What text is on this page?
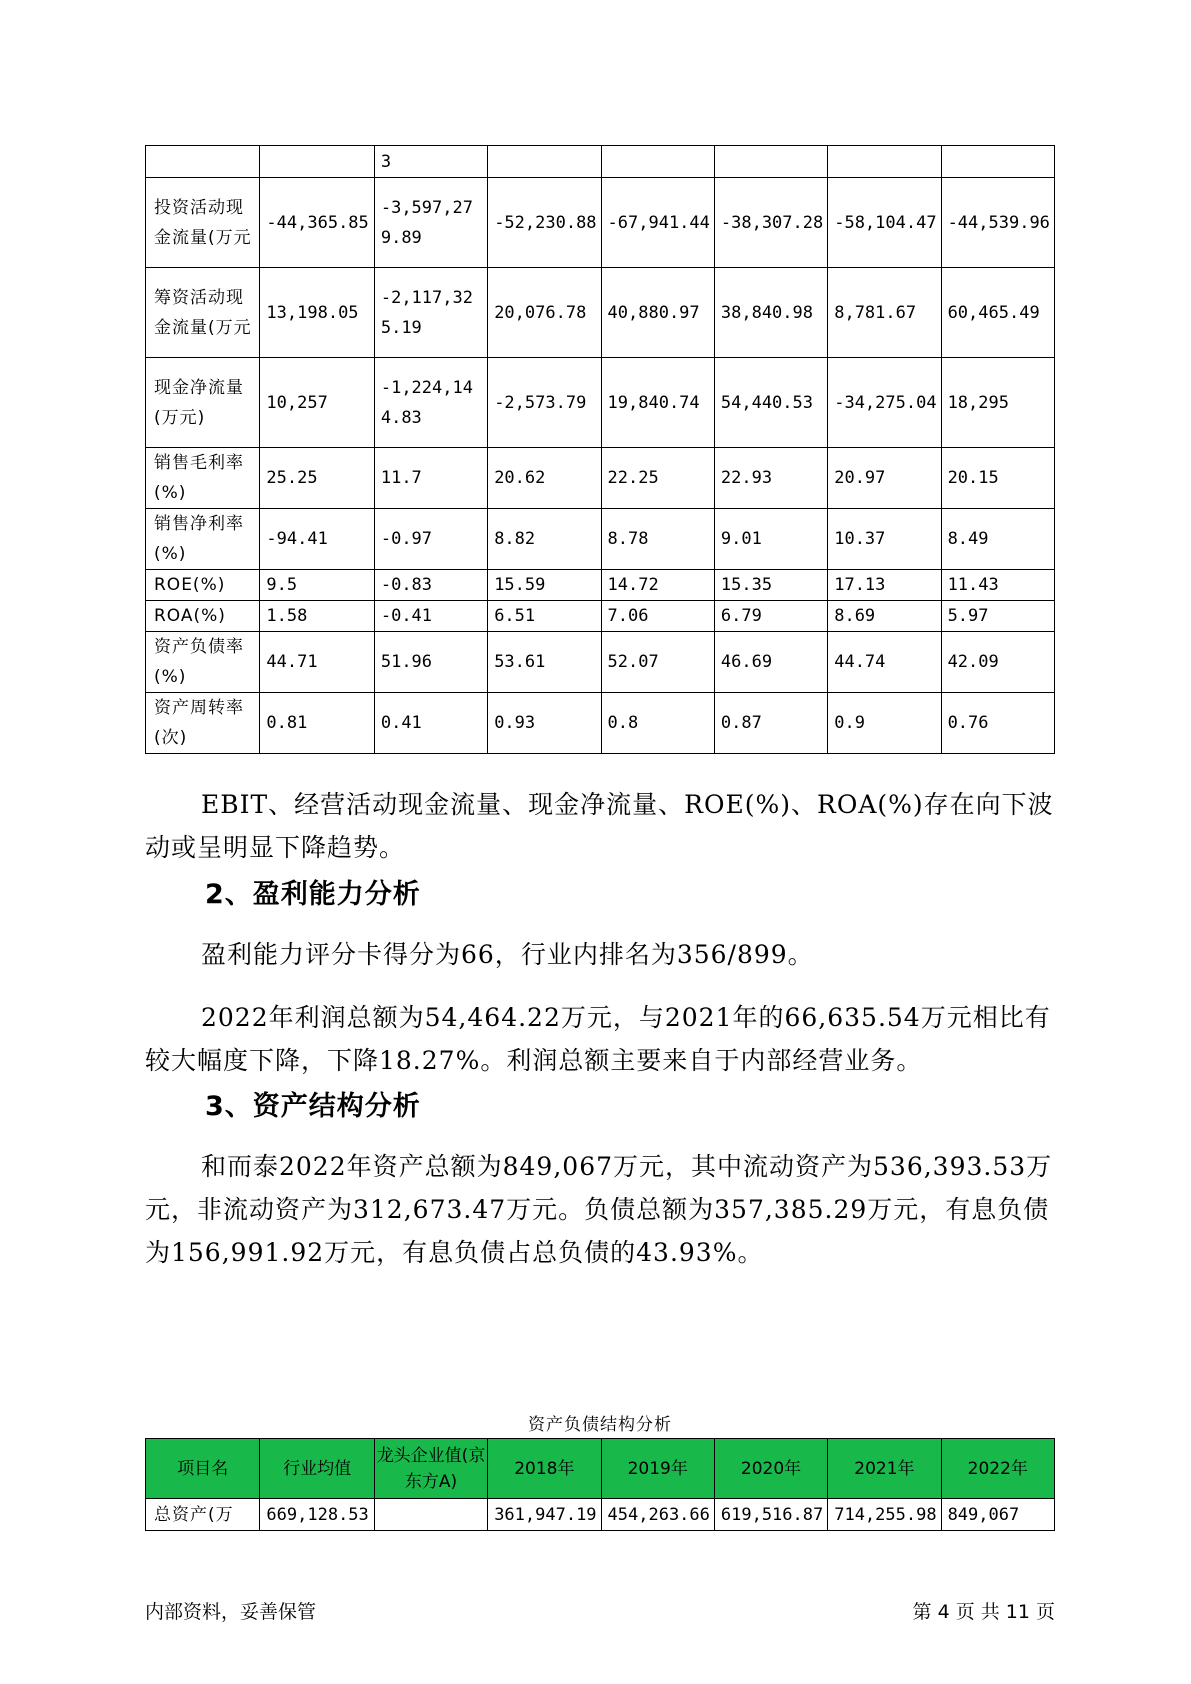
		3					
投资活动现金流量(万元	-44,365.85	-3,597,279.89	-52,230.88	-67,941.44	-38,307.28	-58,104.47	-44,539.96
筹资活动现金流量(万元	13,198.05	-2,117,325.19	20,076.78	40,880.97	38,840.98	8,781.67	60,465.49
现金净流量(万元)	10,257	-1,224,144.83	-2,573.79	19,840.74	54,440.53	-34,275.04	18,295
销售毛利率(%)	25.25	11.7	20.62	22.25	22.93	20.97	20.15
销售净利率(%)	-94.41	-0.97	8.82	8.78	9.01	10.37	8.49
ROE(%)	9.5	-0.83	15.59	14.72	15.35	17.13	11.43
ROA(%)	1.58	-0.41	6.51	7.06	6.79	8.69	5.97
资产负债率(%)	44.71	51.96	53.61	52.07	46.69	44.74	42.09
资产周转率(次)	0.81	0.41	0.93	0.8	0.87	0.9	0.76

EBIT、经营活动现金流量、现金净流量、ROE(%)、ROA(%)存在向下波动或呈明显下降趋势。

2、盈利能力分析

盈利能力评分卡得分为66，行业内排名为356/899。

2022年利润总额为54,464.22万元，与2021年的66,635.54万元相比有较大幅度下降，下降18.27%。利润总额主要来自于内部经营业务。

3、资产结构分析

和而泰2022年资产总额为849,067万元，其中流动资产为536,393.53万元，非流动资产为312,673.47万元。负债总额为357,385.29万元，有息负债为156,991.92万元，有息负债占总负债的43.93%。

资产负债结构分析
项目名	行业均值	龙头企业值(京东方A)	2018年	2019年	2020年	2021年	2022年
总资产(万	669,128.53		361,947.19	454,263.66	619,516.87	714,255.98	849,067
内部资料，妥善保管	第 4 页 共 11 页
